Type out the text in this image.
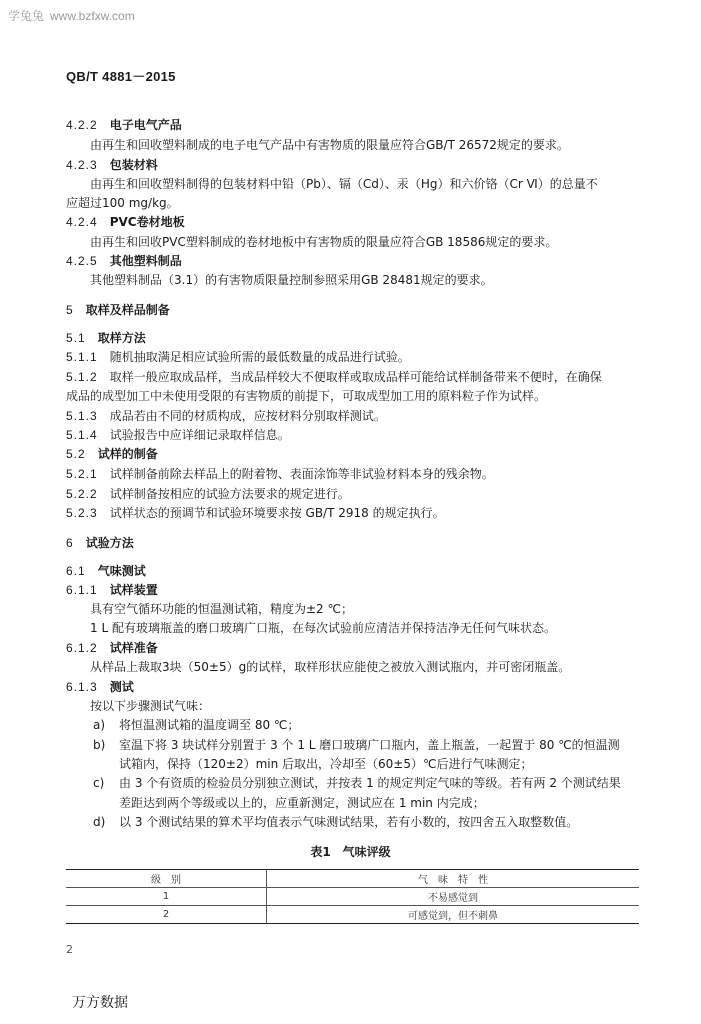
学兔兔 www.bzfxw.com
QB/T 4881－2015
4.2.2 电子电气产品
由再生和回收塑料制成的电子电气产品中有害物质的限量应符合GB/T 26572规定的要求。
4.2.3 包装材料
由再生和回收塑料制得的包装材料中铅（Pb）、镉（Cd）、汞（Hg）和六价铬（Cr Ⅵ）的总量不
应超过100 mg/kg。
4.2.4 PVC卷材地板
由再生和回收PVC塑料制成的卷材地板中有害物质的限量应符合GB 18586规定的要求。
4.2.5 其他塑料制品
其他塑料制品（3.1）的有害物质限量控制参照采用GB 28481规定的要求。
5 取样及样品制备
5.1 取样方法
5.1.1 随机抽取满足相应试验所需的最低数量的成品进行试验。
5.1.2 取样一般应取成品样，当成品样较大不便取样或取成品样可能给试样制备带来不便时，在确保
成品的成型加工中未使用受限的有害物质的前提下，可取成型加工用的原料粒子作为试样。
5.1.3 成品若由不同的材质构成，应按材料分别取样测试。
5.1.4 试验报告中应详细记录取样信息。
5.2 试样的制备
5.2.1 试样制备前除去样品上的附着物、表面涂饰等非试验材料本身的残余物。
5.2.2 试样制备按相应的试验方法要求的规定进行。
5.2.3 试样状态的预调节和试验环境要求按 GB/T 2918 的规定执行。
6 试验方法
6.1 气味测试
6.1.1 试样装置
具有空气循环功能的恒温测试箱，精度为±2 ℃；
1 L 配有玻璃瓶盖的磨口玻璃广口瓶，在每次试验前应清洁并保持洁净无任何气味状态。
6.1.2 试样准备
从样品上裁取3块（50±5）g的试样，取样形状应能使之被放入测试瓶内，并可密闭瓶盖。
6.1.3 测试
按以下步骤测试气味：
a) 将恒温测试箱的温度调至 80 ℃；
b) 室温下将 3 块试样分别置于 3 个 1 L 磨口玻璃广口瓶内，盖上瓶盖，一起置于 80 ℃的恒温测
试箱内，保持（120±2）min 后取出，冷却至（60±5）℃后进行气味测定；
c) 由 3 个有资质的检验员分别独立测试，并按表 1 的规定判定气味的等级。若有两 2 个测试结果
差距达到两个等级或以上的，应重新测定，测试应在 1 min 内完成；
d) 以 3 个测试结果的算术平均值表示气味测试结果，若有小数的，按四舍五入取整数值。
表1　气味评级
级　别	气　味　特　性
1	不易感觉到
2	可感觉到，但不刺鼻
2
万方数据
